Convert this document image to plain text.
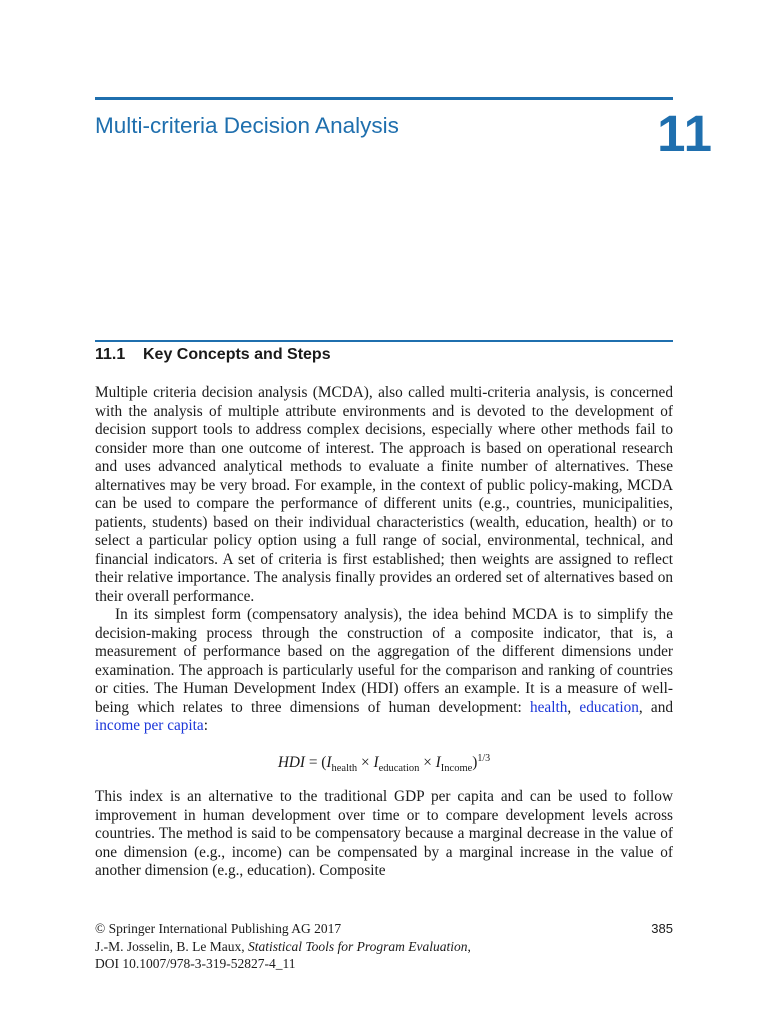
Multi-criteria Decision Analysis	11
11.1 Key Concepts and Steps

Multiple criteria decision analysis (MCDA), also called multi-criteria analysis, is concerned with the analysis of multiple attribute environments and is devoted to the development of decision support tools to address complex decisions, especially where other methods fail to consider more than one outcome of interest. The approach is based on operational research and uses advanced analytical methods to evaluate a finite number of alternatives. These alternatives may be very broad. For example, in the context of public policy-making, MCDA can be used to compare the performance of different units (e.g., countries, municipalities, patients, students) based on their individual characteristics (wealth, education, health) or to select a particular policy option using a full range of social, environmental, technical, and financial indicators. A set of criteria is first established; then weights are assigned to reflect their relative importance. The analysis finally provides an ordered set of alternatives based on their overall performance.

In its simplest form (compensatory analysis), the idea behind MCDA is to simplify the decision-making process through the construction of a composite indicator, that is, a measurement of performance based on the aggregation of the different dimensions under examination. The approach is particularly useful for the comparison and ranking of countries or cities. The Human Development Index (HDI) offers an example. It is a measure of well-being which relates to three dimensions of human development: health, education, and income per capita:

HDI = $(I_{health} \times I_{education} \times I_{Income})^{1/3}$

This index is an alternative to the traditional GDP per capita and can be used to follow improvement in human development over time or to compare development levels across countries. The method is said to be compensatory because a marginal decrease in the value of one dimension (e.g., income) can be compensated by a marginal increase in the value of another dimension (e.g., education). Composite

© Springer International Publishing AG 2017
J.-M. Josselin, B. Le Maux, Statistical Tools for Program Evaluation,
DOI 10.1007/978-3-319-52827-4_11
385
